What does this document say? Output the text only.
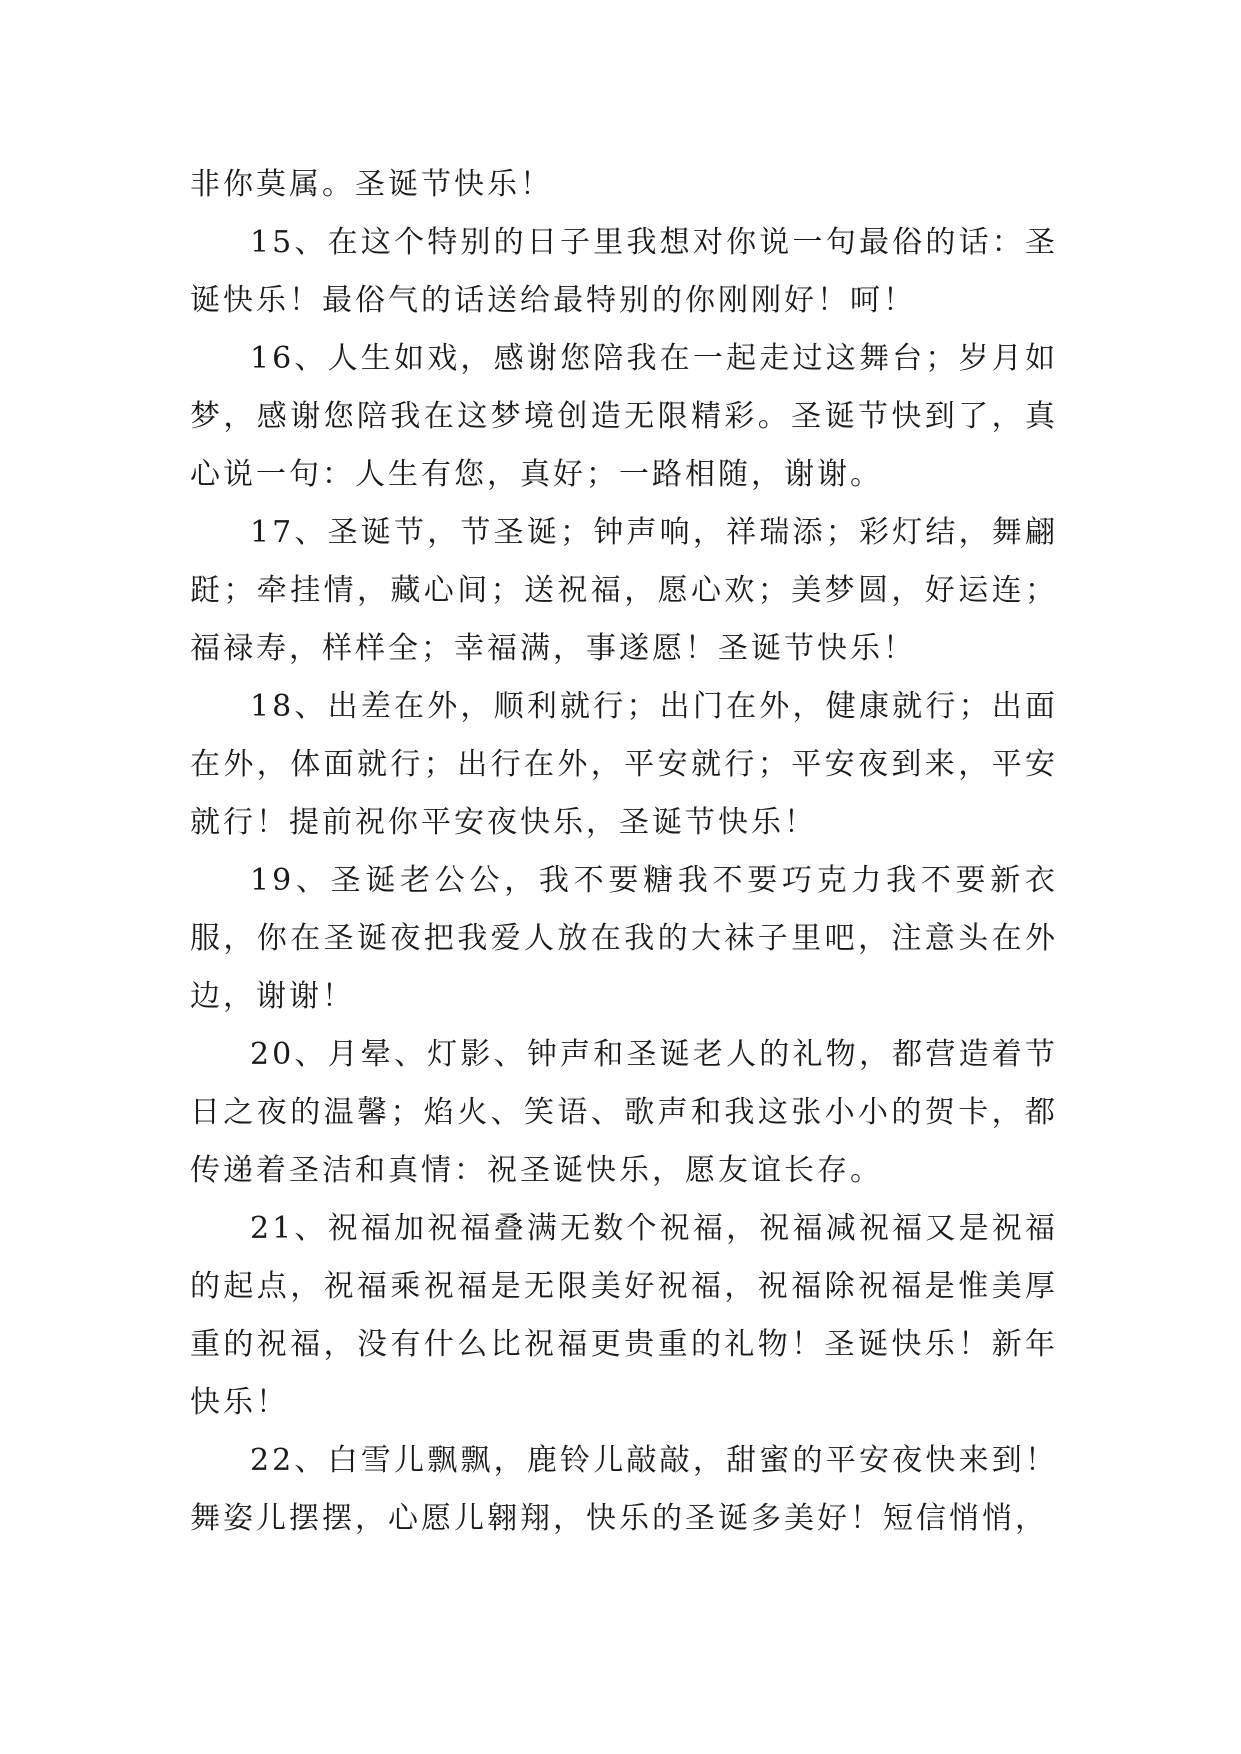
非你莫属。圣诞节快乐！

15、在这个特别的日子里我想对你说一句最俗的话：圣诞快乐！最俗气的话送给最特别的你刚刚好！呵！

16、人生如戏，感谢您陪我在一起走过这舞台；岁月如梦，感谢您陪我在这梦境创造无限精彩。圣诞节快到了，真心说一句：人生有您，真好；一路相随，谢谢。

17、圣诞节，节圣诞；钟声响，祥瑞添；彩灯结，舞翩跹；牵挂情，藏心间；送祝福，愿心欢；美梦圆，好运连；福禄寿，样样全；幸福满，事遂愿！圣诞节快乐！

18、出差在外，顺利就行；出门在外，健康就行；出面在外，体面就行；出行在外，平安就行；平安夜到来，平安就行！提前祝你平安夜快乐，圣诞节快乐！

19、圣诞老公公，我不要糖我不要巧克力我不要新衣服，你在圣诞夜把我爱人放在我的大袜子里吧，注意头在外边，谢谢！

20、月晕、灯影、钟声和圣诞老人的礼物，都营造着节日之夜的温馨；焰火、笑语、歌声和我这张小小的贺卡，都传递着圣洁和真情：祝圣诞快乐，愿友谊长存。

21、祝福加祝福叠满无数个祝福，祝福减祝福又是祝福的起点，祝福乘祝福是无限美好祝福，祝福除祝福是惟美厚重的祝福，没有什么比祝福更贵重的礼物！圣诞快乐！新年快乐！

22、白雪儿飘飘，鹿铃儿敲敲，甜蜜的平安夜快来到！舞姿儿摆摆，心愿儿翱翔，快乐的圣诞多美好！短信悄悄，
